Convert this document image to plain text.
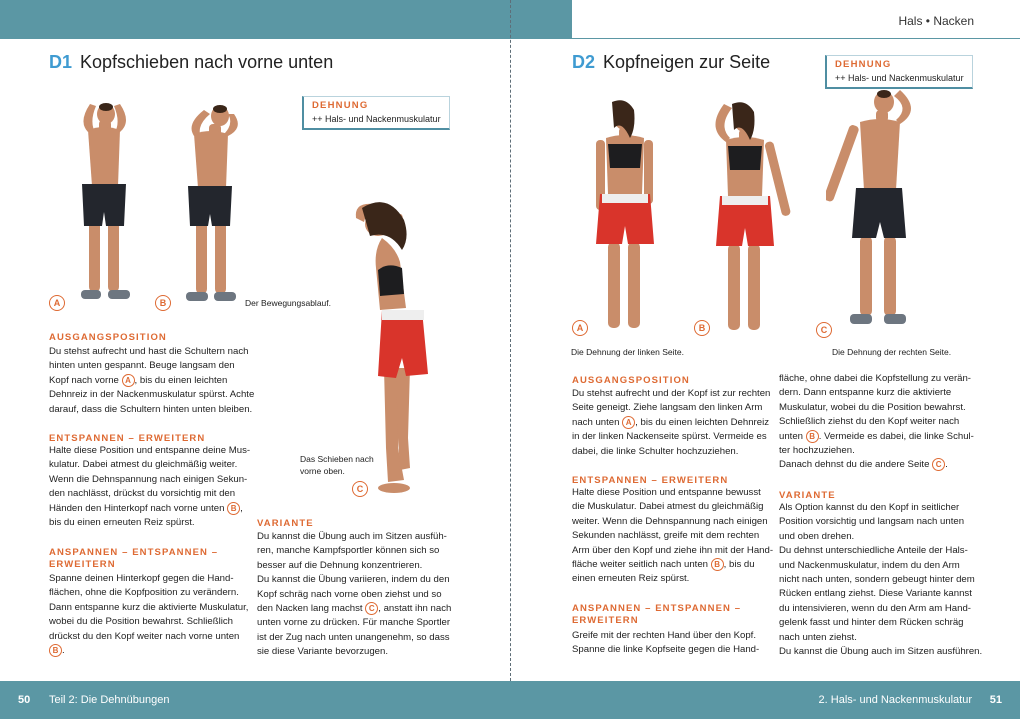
Hals • Nacken
D1 Kopfschieben nach vorne unten
DEHNUNG
++ Hals- und Nackenmuskulatur
A	B
C
Der Bewegungsablauf.
Das Schieben nach
vorne oben.
AUSGANGSPOSITION
Du stehst aufrecht und hast die Schultern nach
hinten unten gespannt. Beuge langsam den
Kopf nach vorne A , bis du einen leichten
Dehnreiz in der Nackenmuskulatur spürst. Achte
darauf, dass die Schultern hinten unten bleiben.
ENTSPANNEN – ERWEITERN
Halte diese Position und entspanne deine Mus-
kulatur. Dabei atmest du gleichmäßig weiter.
Wenn die Dehnspannung nach einigen Sekun-
den nachlässt, drückst du vorsichtig mit den
Händen den Hinterkopf nach vorne unten B ,
bis du einen erneuten Reiz spürst.
ANSPANNEN – ENTSPANNEN –
ERWEITERN
Spanne deinen Hinterkopf gegen die Hand-
flächen, ohne die Kopfposition zu verändern.
Dann entspanne kurz die aktivierte Muskulatur,
wobei du die Position bewahrst. Schließlich
drückst du den Kopf weiter nach vorne unten
B .
VARIANTE
Du kannst die Übung auch im Sitzen ausfüh-
ren, manche Kampfsportler können sich so
besser auf die Dehnung konzentrieren.
Du kannst die Übung variieren, indem du den
Kopf schräg nach vorne oben ziehst und so
den Nacken lang machst C , anstatt ihn nach
unten vorne zu drücken. Für manche Sportler
ist der Zug nach unten unangenehm, so dass
sie diese Variante bevorzugen.
D2 Kopfneigen zur Seite	DEHNUNG
++ Hals- und Nackenmuskulatur
A	B	C
Die Dehnung der linken Seite.	Die Dehnung der rechten Seite.
AUSGANGSPOSITION
Du stehst aufrecht und der Kopf ist zur rechten
Seite geneigt. Ziehe langsam den linken Arm
nach unten A , bis du einen leichten Dehnreiz
in der linken Nackenseite spürst. Vermeide es
dabei, die linke Schulter hochzuziehen.
ENTSPANNEN – ERWEITERN
Halte diese Position und entspanne bewusst
die Muskulatur. Dabei atmest du gleichmäßig
weiter. Wenn die Dehnspannung nach einigen
Sekunden nachlässt, greife mit dem rechten
Arm über den Kopf und ziehe ihn mit der Hand-
fläche weiter seitlich nach unten B , bis du
einen erneuten Reiz spürst.
ANSPANNEN – ENTSPANNEN –
ERWEITERN
Greife mit der rechten Hand über den Kopf.
Spanne die linke Kopfseite gegen die Hand-
fläche, ohne dabei die Kopfstellung zu verän-
dern. Dann entspanne kurz die aktivierte
Muskulatur, wobei du die Position bewahrst.
Schließlich ziehst du den Kopf weiter nach
unten B . Vermeide es dabei, die linke Schul-
ter hochzuziehen.
Danach dehnst du die andere Seite C .
VARIANTE
Als Option kannst du den Kopf in seitlicher
Position vorsichtig und langsam nach unten
und oben drehen.
Du dehnst unterschiedliche Anteile der Hals-
und Nackenmuskulatur, indem du den Arm
nicht nach unten, sondern gebeugt hinter dem
Rücken entlang ziehst. Diese Variante kannst
du intensivieren, wenn du den Arm am Hand-
gelenk fasst und hinter dem Rücken schräg
nach unten ziehst.
Du kannst die Übung auch im Sitzen ausführen.
50 Teil 2: Die Dehnübungen	2. Hals- und Nackenmuskulatur 51
